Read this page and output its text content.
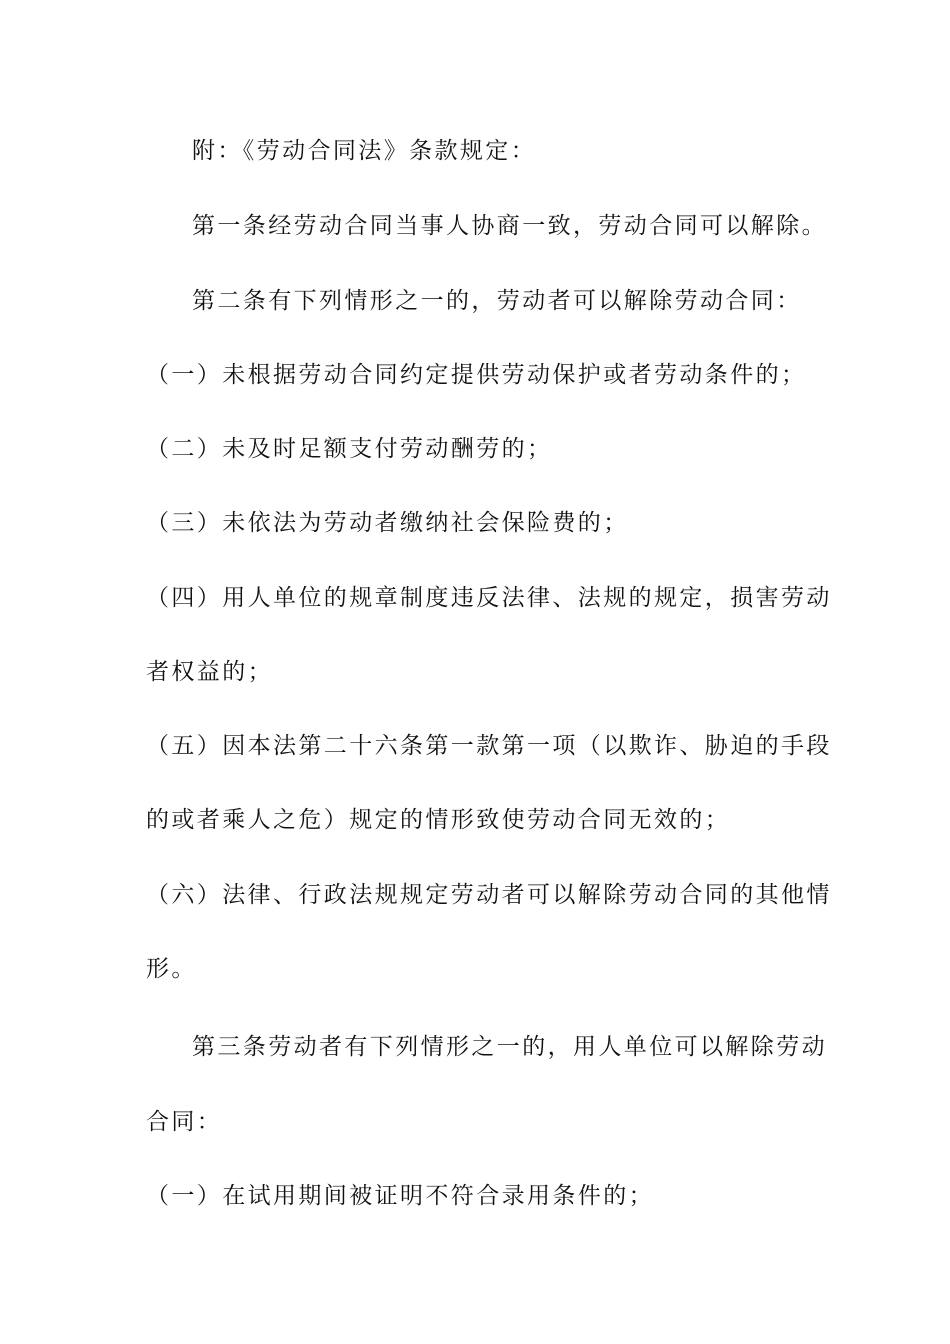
附：《劳动合同法》条款规定：
第一条经劳动合同当事人协商一致，劳动合同可以解除。
第二条有下列情形之一的，劳动者可以解除劳动合同：
（一）未根据劳动合同约定提供劳动保护或者劳动条件的；
（二）未及时足额支付劳动酬劳的；
（三）未依法为劳动者缴纳社会保险费的；
（四）用人单位的规章制度违反法律、法规的规定，损害劳动
者权益的；
（五）因本法第二十六条第一款第一项（以欺诈、胁迫的手段
的或者乘人之危）规定的情形致使劳动合同无效的；
（六）法律、行政法规规定劳动者可以解除劳动合同的其他情
形。
第三条劳动者有下列情形之一的，用人单位可以解除劳动
合同：
（一）在试用期间被证明不符合录用条件的；
